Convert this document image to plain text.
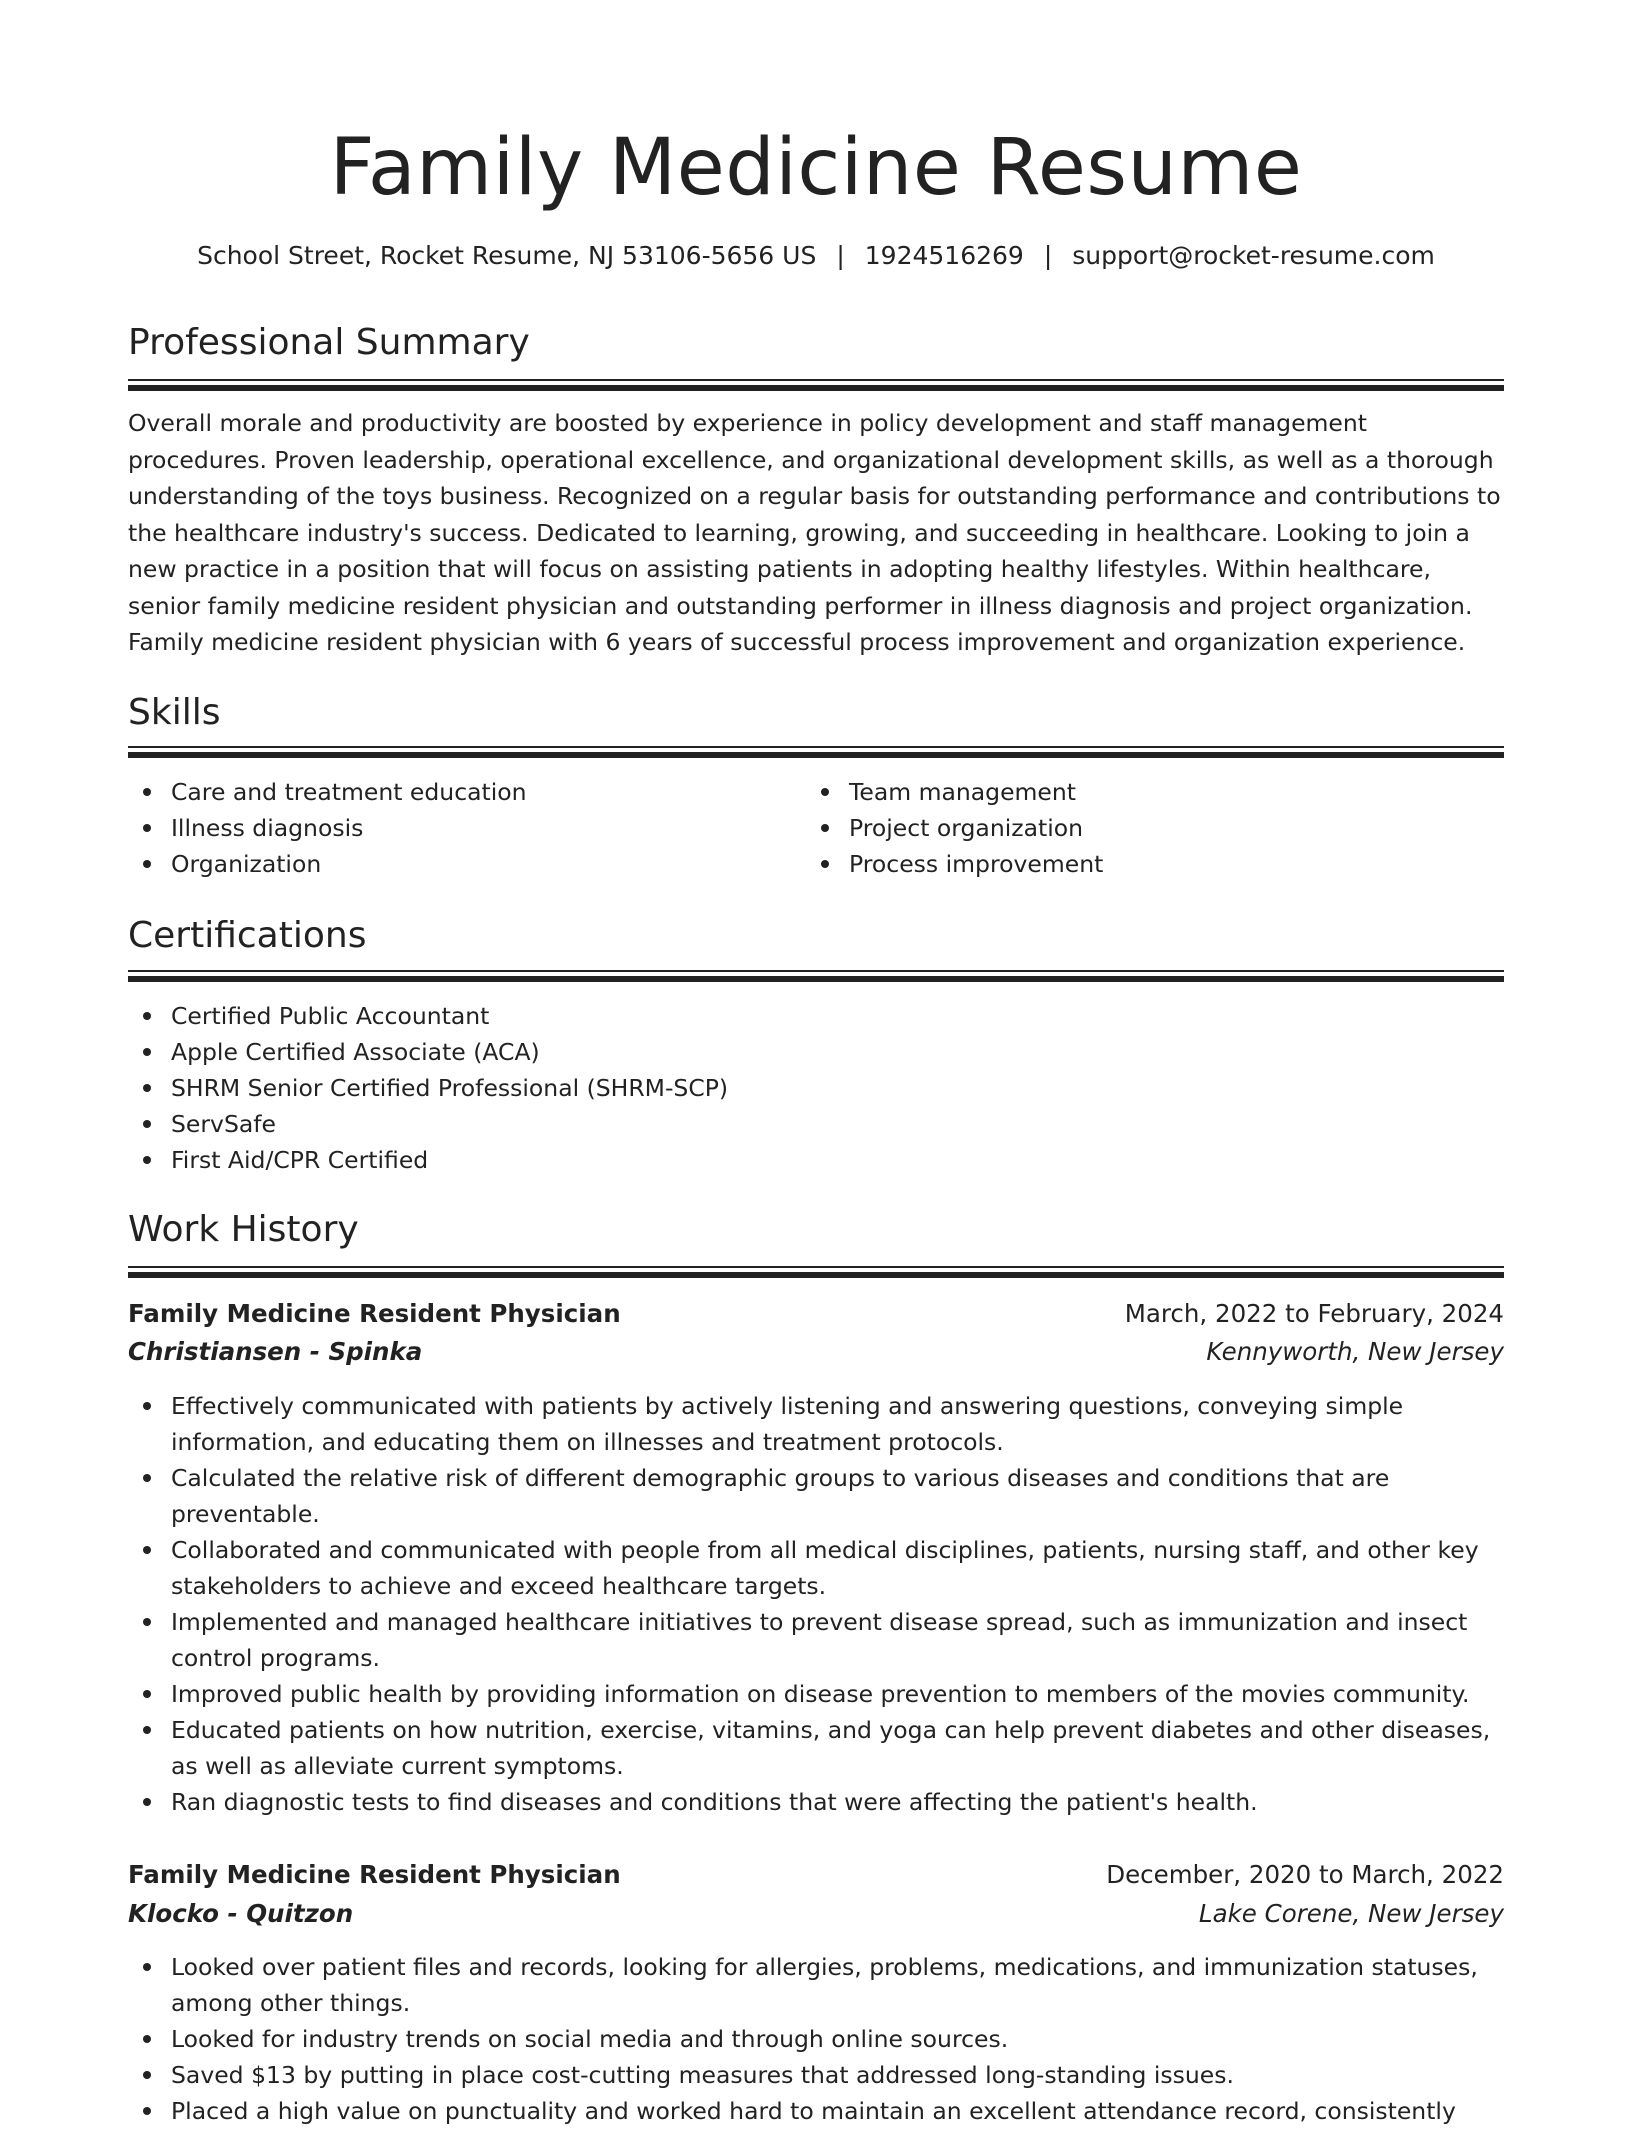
Family Medicine Resume
School Street, Rocket Resume, NJ 53106-5656 US | 1924516269 | support@rocket-resume.com
Professional Summary

Overall morale and productivity are boosted by experience in policy development and staff management procedures. Proven leadership, operational excellence, and organizational development skills, as well as a thorough understanding of the toys business. Recognized on a regular basis for outstanding performance and contributions to the healthcare industry's success. Dedicated to learning, growing, and succeeding in healthcare. Looking to join a new practice in a position that will focus on assisting patients in adopting healthy lifestyles. Within healthcare, senior family medicine resident physician and outstanding performer in illness diagnosis and project organization. Family medicine resident physician with 6 years of successful process improvement and organization experience.

Skills
Care and treatment education
Illness diagnosis
Organization
Team management
Project organization
Process improvement
Certifications
Certified Public Accountant
Apple Certified Associate (ACA)
SHRM Senior Certified Professional (SHRM-SCP)
ServSafe
First Aid/CPR Certified
Work History
Family Medicine Resident Physician	March, 2022 to February, 2024
Christiansen - Spinka	Kennyworth, New Jersey
Effectively communicated with patients by actively listening and answering questions, conveying simple information, and educating them on illnesses and treatment protocols.
Calculated the relative risk of different demographic groups to various diseases and conditions that are preventable.
Collaborated and communicated with people from all medical disciplines, patients, nursing staff, and other key stakeholders to achieve and exceed healthcare targets.
Implemented and managed healthcare initiatives to prevent disease spread, such as immunization and insect control programs.
Improved public health by providing information on disease prevention to members of the movies community.
Educated patients on how nutrition, exercise, vitamins, and yoga can help prevent diabetes and other diseases, as well as alleviate current symptoms.
Ran diagnostic tests to find diseases and conditions that were affecting the patient's health.
Family Medicine Resident Physician	December, 2020 to March, 2022
Klocko - Quitzon	Lake Corene, New Jersey
Looked over patient files and records, looking for allergies, problems, medications, and immunization statuses, among other things.
Looked for industry trends on social media and through online sources.
Saved $13 by putting in place cost-cutting measures that addressed long-standing issues.
Placed a high value on punctuality and worked hard to maintain an excellent attendance record, consistently
